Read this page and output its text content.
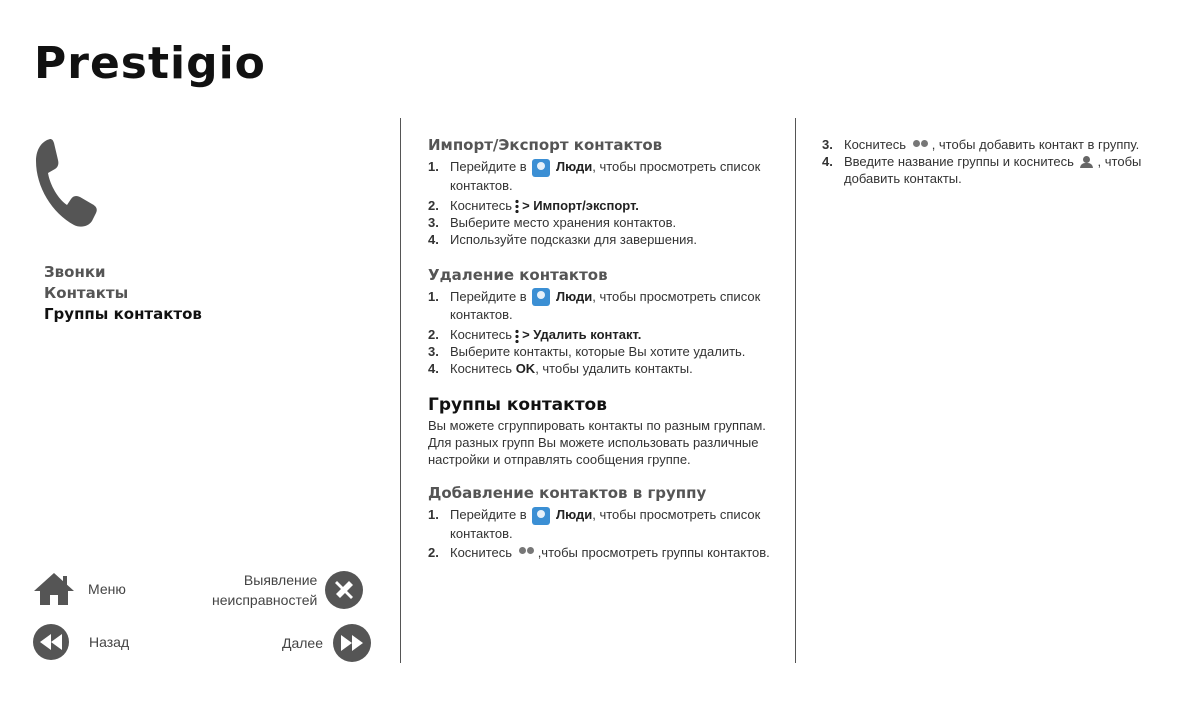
Prestigio
Звонки
Контакты
Группы контактов
Меню
Назад
Выявление
неисправностей
Далее
Импорт/Экспорт контактов

1. Перейдите в Люди, чтобы просмотреть список контактов.

2. Коснитесь > Импорт/экспорт.

3. Выберите место хранения контактов.

4. Используйте подсказки для завершения.

Удаление контактов

1. Перейдите в Люди, чтобы просмотреть список контактов.

2. Коснитесь > Удалить контакт.

3. Выберите контакты, которые Вы хотите удалить.

4. Коснитесь OK, чтобы удалить контакты.

Группы контактов

Вы можете сгруппировать контакты по разным группам. Для разных групп Вы можете использовать различные настройки и отправлять сообщения группе.

Добавление контактов в группу

1. Перейдите в Люди, чтобы просмотреть список контактов.

2. Коснитесь ,чтобы просмотреть группы контактов.

3. Коснитесь , чтобы добавить контакт в группу.

4. Введите название группы и коснитесь , чтобы добавить контакты.
